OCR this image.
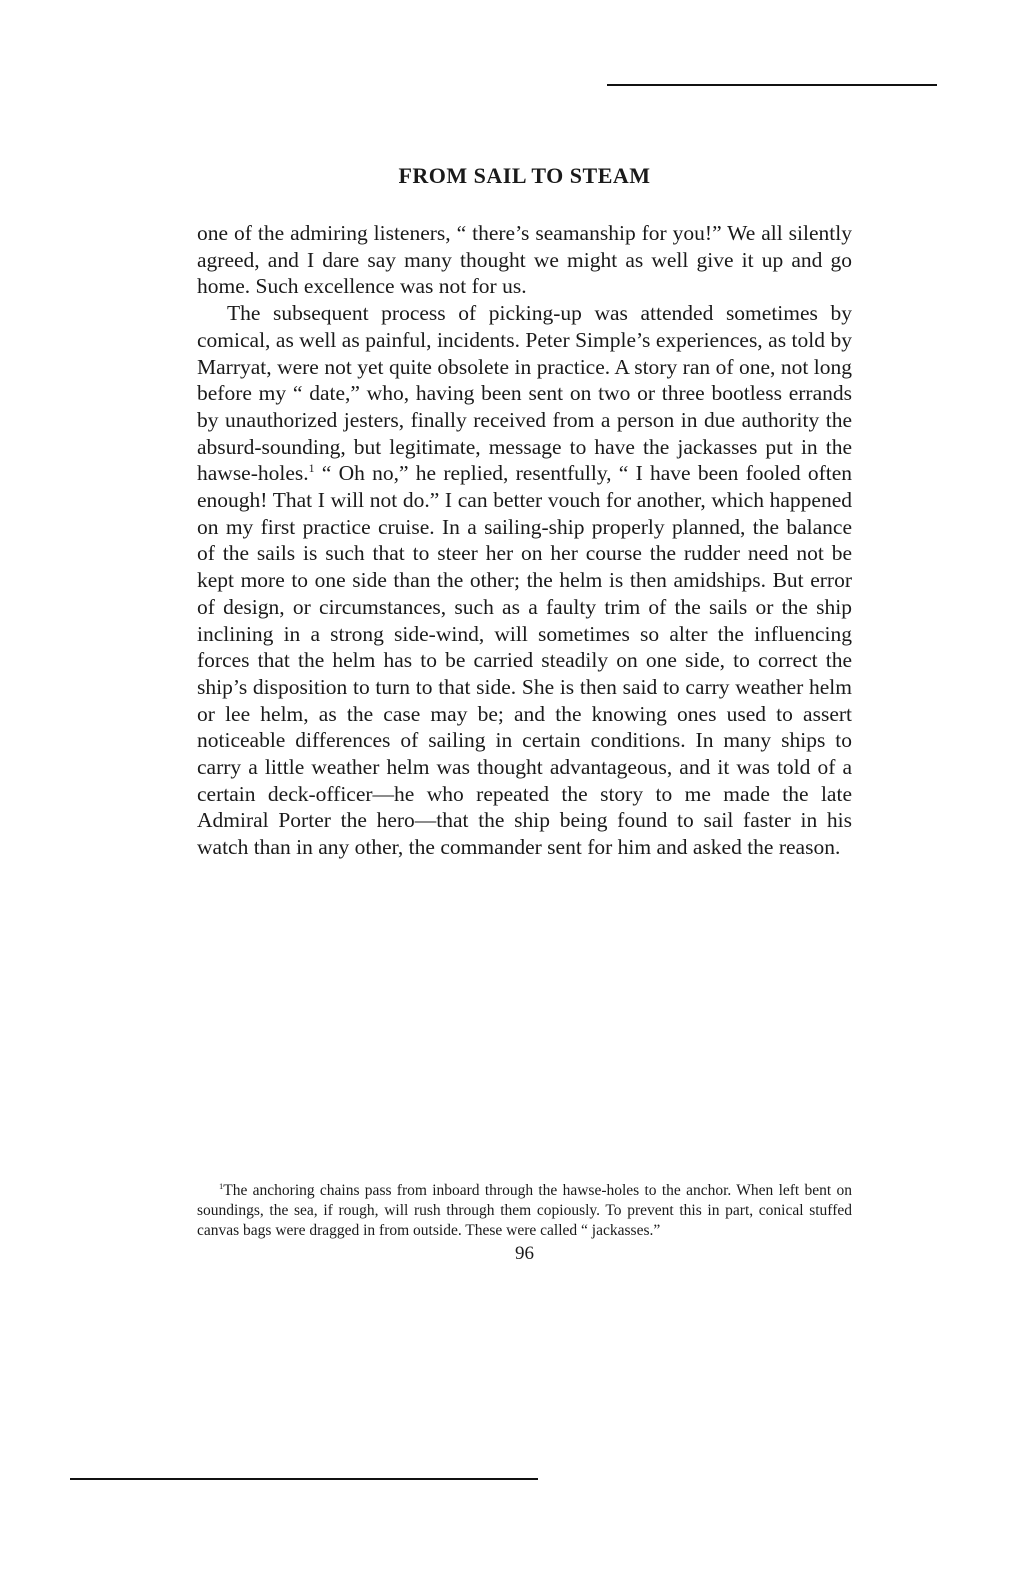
FROM SAIL TO STEAM

one of the admiring listeners, “ there’s seamanship for you!” We all silently agreed, and I dare say many thought we might as well give it up and go home. Such excellence was not for us.

The subsequent process of picking-up was attended sometimes by comical, as well as painful, incidents. Peter Simple’s experiences, as told by Marryat, were not yet quite obsolete in practice. A story ran of one, not long before my “ date,” who, having been sent on two or three bootless errands by unauthorized jesters, finally received from a person in due authority the absurd-sounding, but legitimate, message to have the jackasses put in the hawse-holes.$^1$ “ Oh no,” he replied, resentfully, “ I have been fooled often enough! That I will not do.” I can better vouch for another, which happened on my first practice cruise. In a sailing-ship properly planned, the balance of the sails is such that to steer her on her course the rudder need not be kept more to one side than the other; the helm is then amidships. But error of design, or circumstances, such as a faulty trim of the sails or the ship inclining in a strong side-wind, will sometimes so alter the influencing forces that the helm has to be carried steadily on one side, to correct the ship’s disposition to turn to that side. She is then said to carry weather helm or lee helm, as the case may be; and the knowing ones used to assert noticeable differences of sailing in certain conditions. In many ships to carry a little weather helm was thought advantageous, and it was told of a certain deck-officer—he who repeated the story to me made the late Admiral Porter the hero—that the ship being found to sail faster in his watch than in any other, the commander sent for him and asked the reason.

$^1$The anchoring chains pass from inboard through the hawse-holes to the anchor. When left bent on soundings, the sea, if rough, will rush through them copiously. To prevent this in part, conical stuffed canvas bags were dragged in from outside. These were called “ jackasses.”

96
